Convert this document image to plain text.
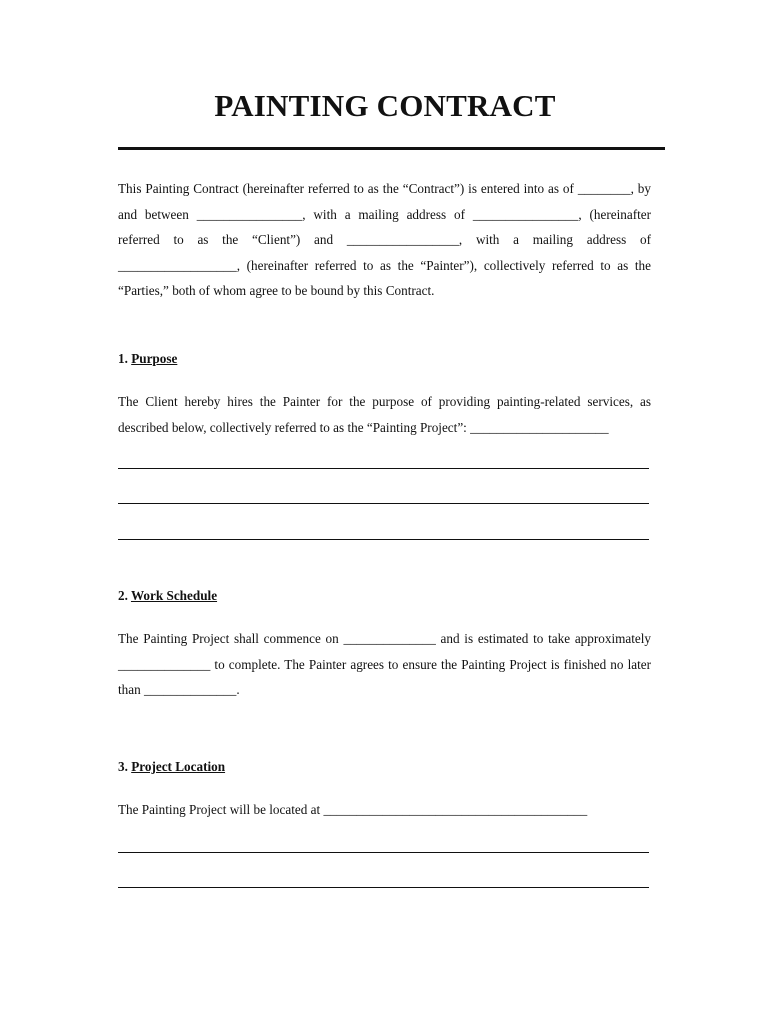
PAINTING CONTRACT
This Painting Contract (hereinafter referred to as the “Contract”) is entered into as of ________, by and between ________________, with a mailing address of ________________, (hereinafter referred to as the “Client”) and _________________, with a mailing address of __________________, (hereinafter referred to as the “Painter”), collectively referred to as the “Parties,” both of whom agree to be bound by this Contract.
1. Purpose
The Client hereby hires the Painter for the purpose of providing painting-related services, as described below, collectively referred to as the “Painting Project”: _____________________
2. Work Schedule
The Painting Project shall commence on ______________ and is estimated to take approximately ______________ to complete. The Painter agrees to ensure the Painting Project is finished no later than ______________.
3. Project Location
The Painting Project will be located at ________________________________________
